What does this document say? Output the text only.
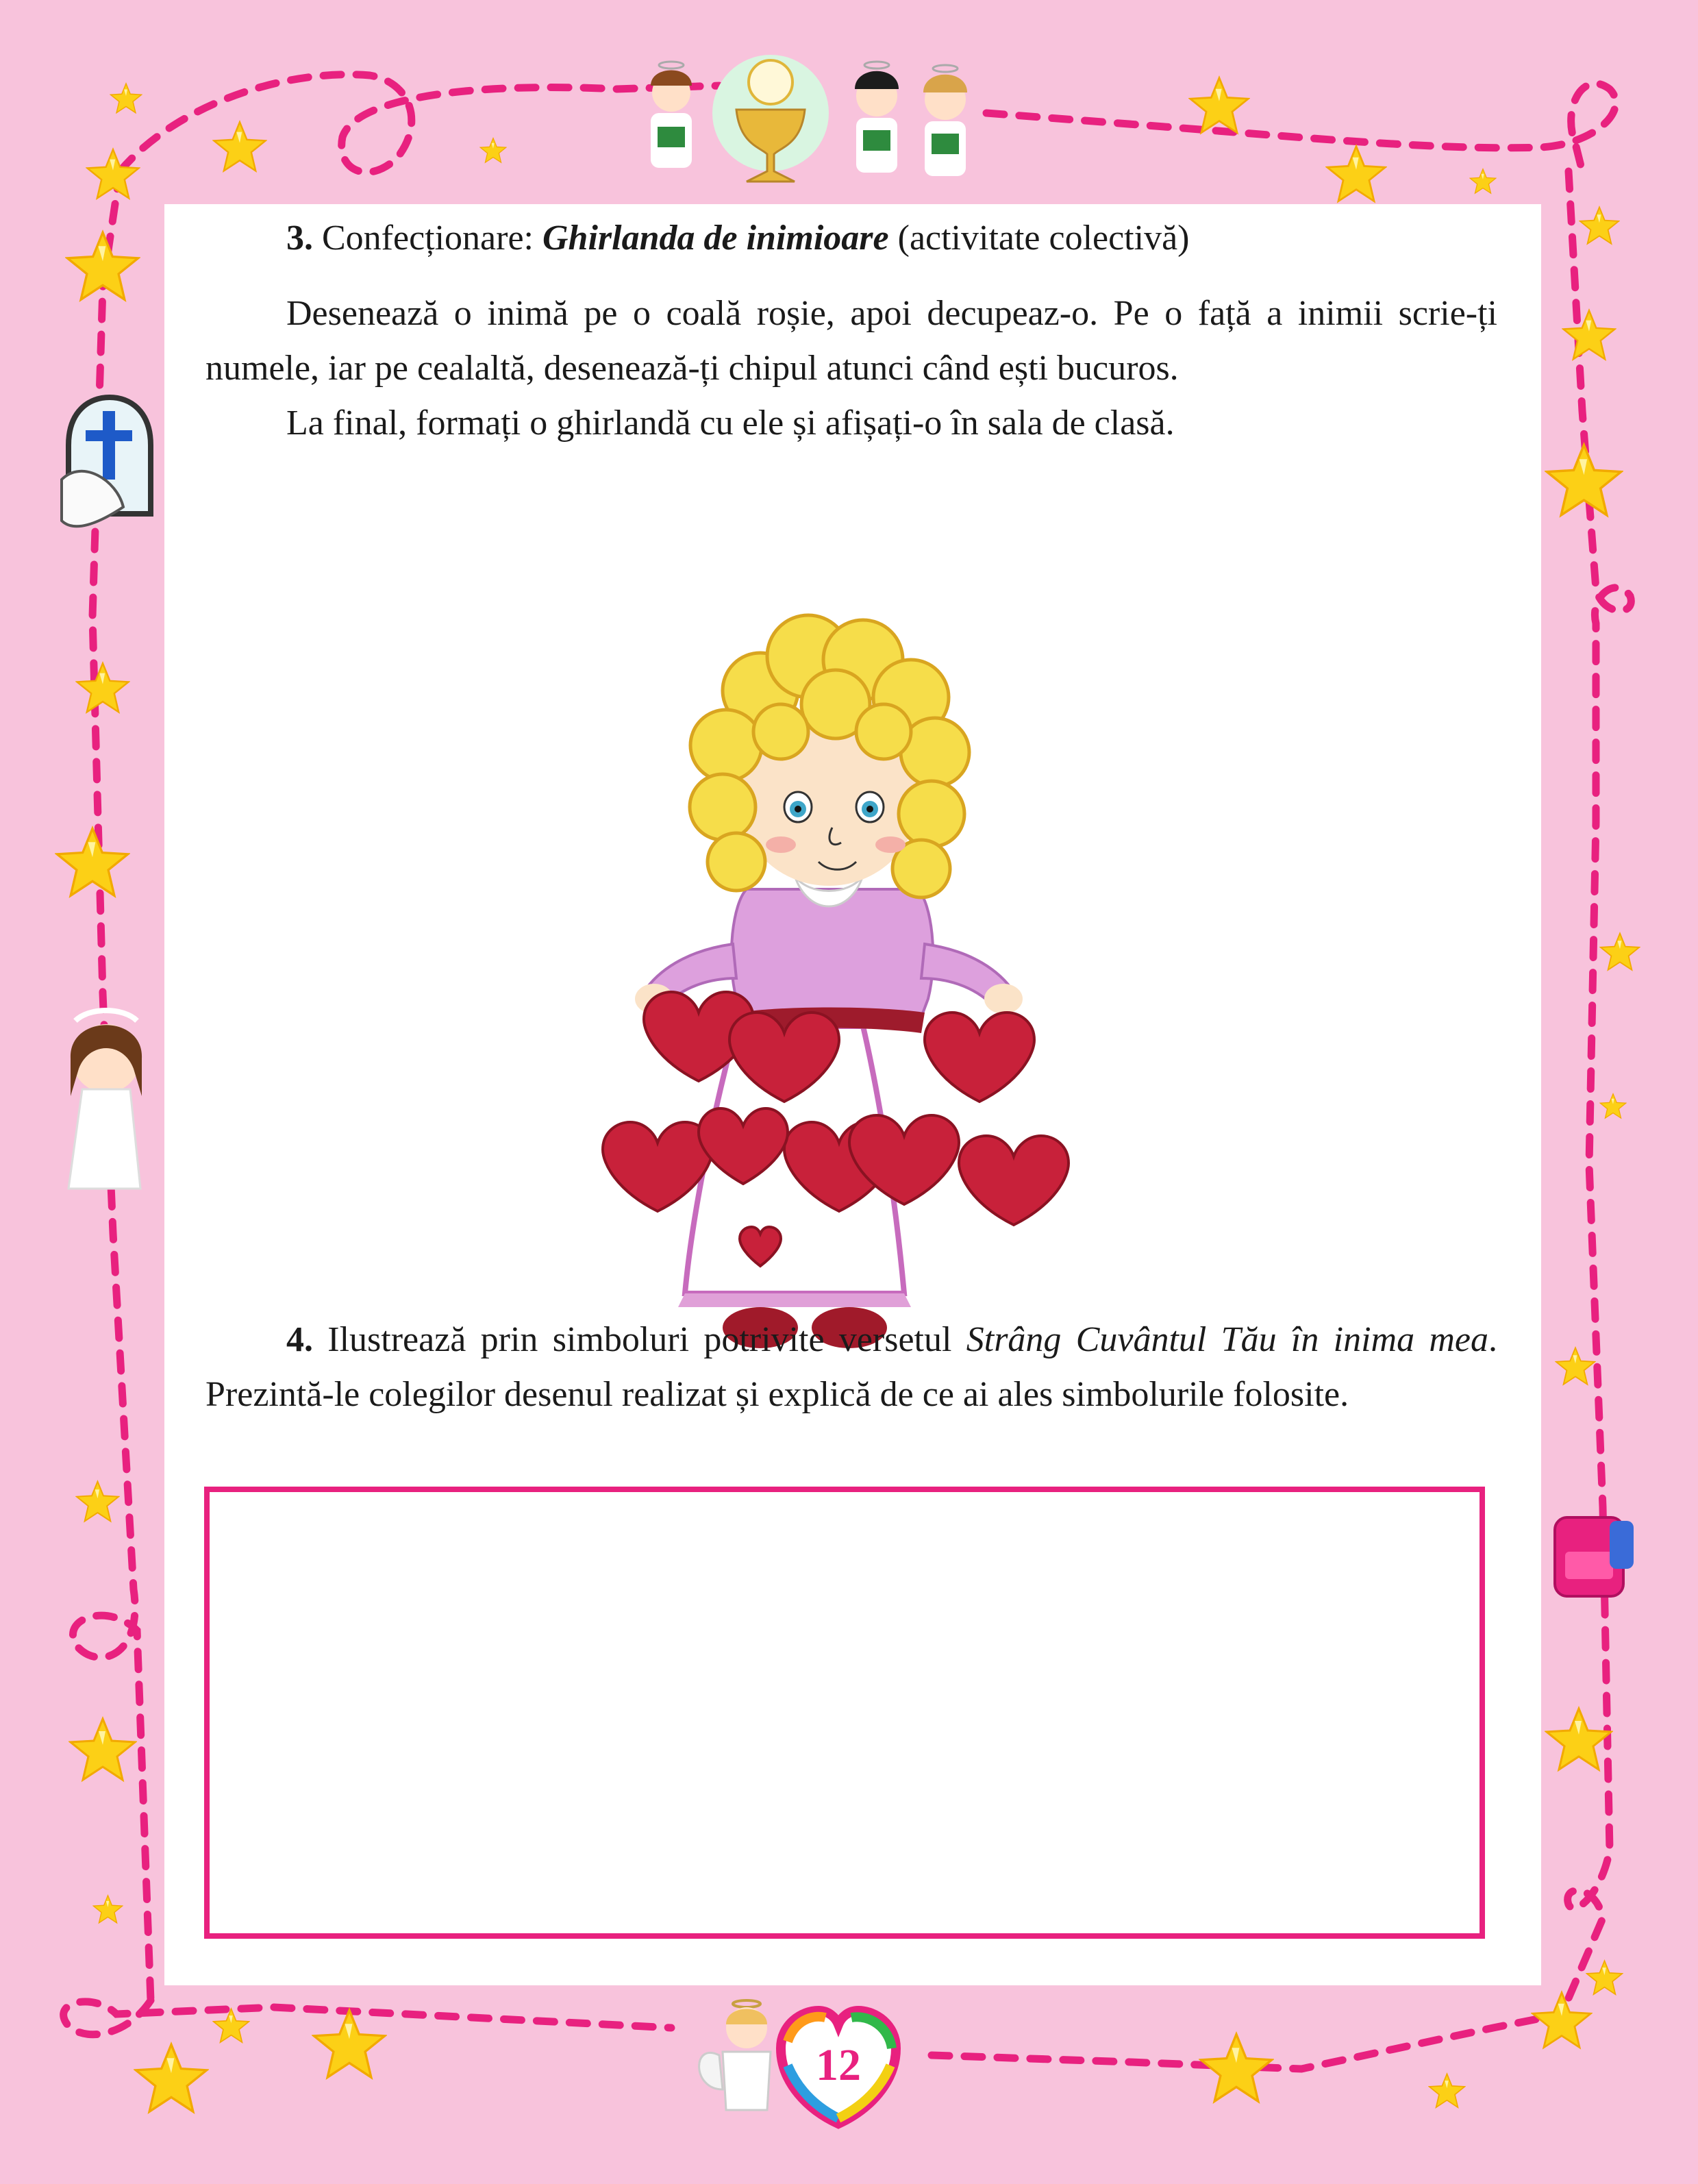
12

3. Confecționare: Ghirlanda de inimioare (activitate colectivă)

Desenează o inimă pe o coală roșie, apoi decupeaz-o. Pe o față a inimii scrie-ți numele, iar pe cealaltă, desenează-ți chipul atunci când ești bucuros.

La final, formați o ghirlandă cu ele și afișați-o în sala de clasă.

4. Ilustrează prin simboluri potrivite versetul Strâng Cuvântul Tău în inima mea. Prezintă-le colegilor desenul realizat și explică de ce ai ales simbolurile folosite.
